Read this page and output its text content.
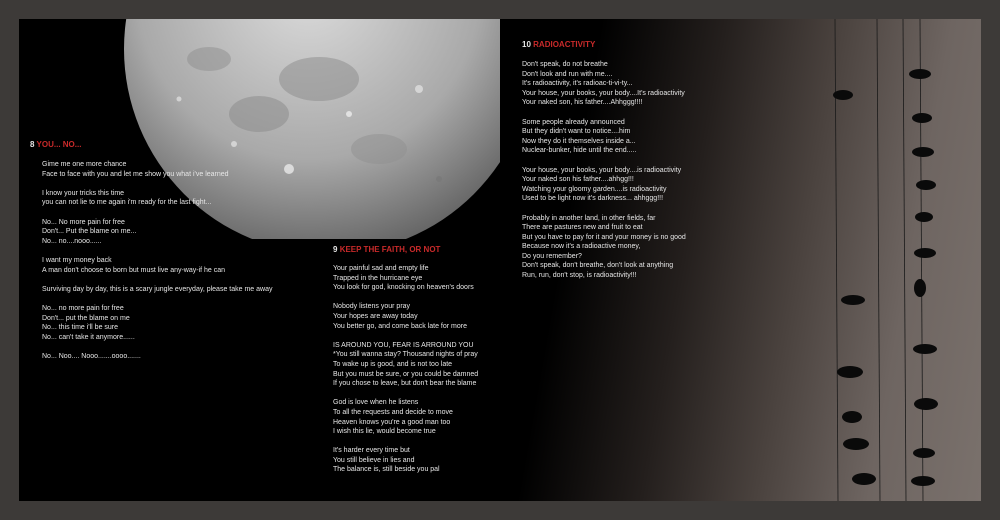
8 YOU... NO...
Gime me one more chance
Face to face with you and let me show you what i've learned

I know your tricks this time
you can not lie to me again i'm ready for the last fight...

No... No more pain for free
Don't... Put the blame on me...
No... no....nooo......

I want my money back
A man don't choose to born but must live any-way-if he can

Surviving day by day, this is a scary jungle everyday, please take me away

No... no more pain for free
Don't... put the blame on me
No... this time i'll be sure
No... can't take it anymore......

No... Noo.... Nooo.......oooo.......
9 KEEP THE FAITH, OR NOT
Your painful sad and empty life
Trapped in the hurricane eye
You look for god, knocking on heaven's doors

Nobody listens your pray
Your hopes are away today
You better go, and come back late for more

IS AROUND YOU, FEAR IS ARROUND YOU
*You still wanna stay? Thousand nights of pray
To wake up is good, and is not too late
But you must be sure, or you could be damned
If you chose to leave, but don't bear the blame

God is love when he listens
To all the requests and decide to move
Heaven knows you're a good man too
I wish this lie, would become true

It's harder every time but
You still believe in lies and
The balance is, still beside you pal
10 RADIOACTIVITY
Don't speak, do not breathe
Don't look and run with me....
It's radioactivity, it's radioac-ti-vi-ty...
Your house, your books, your body....It's radioactivity
Your naked son, his father....Ahhggg!!!!

Some people already announced
But they didn't want to notice....him
Now they do it themselves inside a...
Nuclear-bunker, hide until the end.....

Your house, your books, your body....is radioactivity
Your naked son his father....ahhgg!!!
Watching your gloomy garden....is radioactivity
Used to be light now it's darkness... ahhggg!!!

Probably in another land, in other fields, far
There are pastures new and fruit to eat
But you have to pay for it and your money is no good
Because now it's a radioactive money,
Do you remember?
Don't speak, don't breathe, don't look at anything
Run, run, don't stop, is radioactivity!!!
